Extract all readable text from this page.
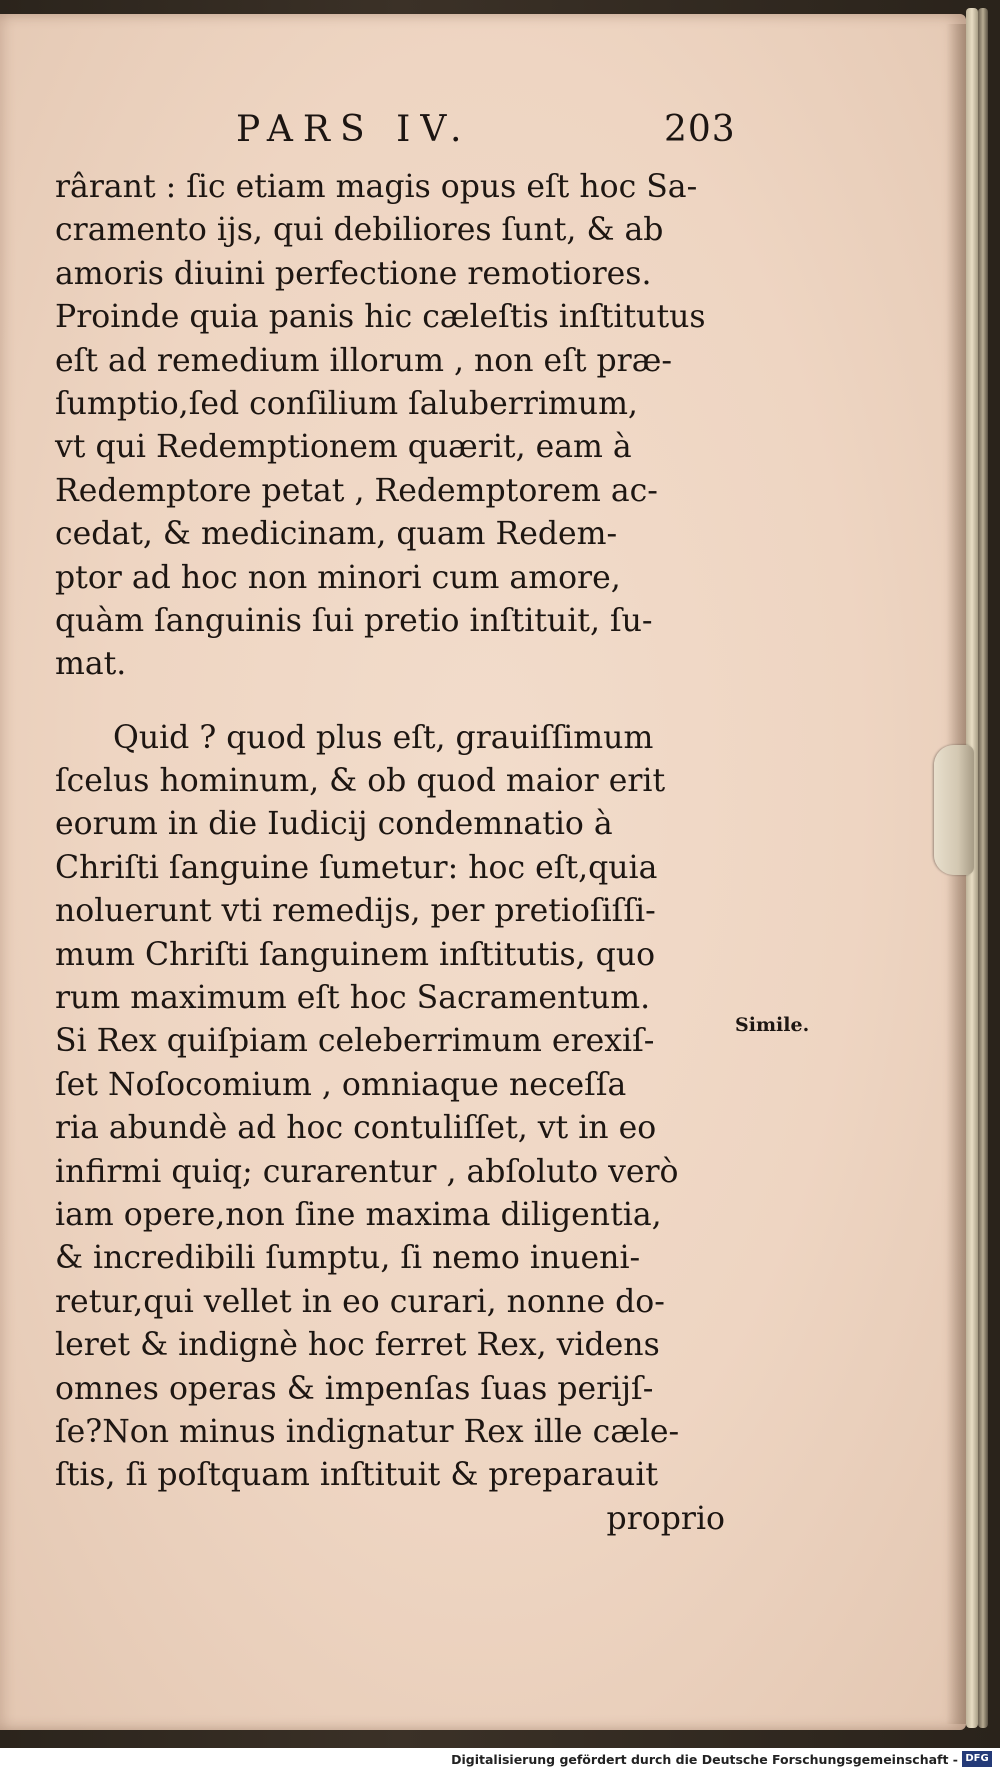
PARS IV.	203
rârant : ſic etiam magis opus eſt hoc Sa-
cramento ijs, qui debiliores ſunt, & ab
amoris diuini perfectione remotiores.
Proinde quia panis hic cæleſtis inſtitutus
eſt ad remedium illorum , non eſt præ-
ſumptio,ſed conſilium ſaluberrimum,
vt qui Redemptionem quærit, eam à
Redemptore petat , Redemptorem ac-
cedat, & medicinam, quam Redem-
ptor ad hoc non minori cum amore,
quàm ſanguinis ſui pretio inſtituit, ſu-
mat.
Quid ? quod plus eſt, grauiſſimum
ſcelus hominum, & ob quod maior erit
eorum in die Iudicij condemnatio à
Chriſti ſanguine ſumetur: hoc eſt,quia
noluerunt vti remedijs, per pretioſiſſi-
mum Chriſti ſanguinem inſtitutis, quo
rum maximum eſt hoc Sacramentum.
Si Rex quiſpiam celeberrimum erexiſ-
ſet Noſocomium , omniaque neceſſa
ria abundè ad hoc contuliſſet, vt in eo
infirmi quiq; curarentur , abſoluto verò
iam opere,non ſine maxima diligentia,
& incredibili ſumptu, ſi nemo inueni-
retur,qui vellet in eo curari, nonne do-
leret & indignè hoc ferret Rex, videns
omnes operas & impenſas ſuas perijſ-
ſe?Non minus indignatur Rex ille cæle-
ſtis, ſi poſtquam inſtituit & preparauit
proprio
Simile.
Digitalisierung gefördert durch die Deutsche Forschungsgemeinschaft - DFG
